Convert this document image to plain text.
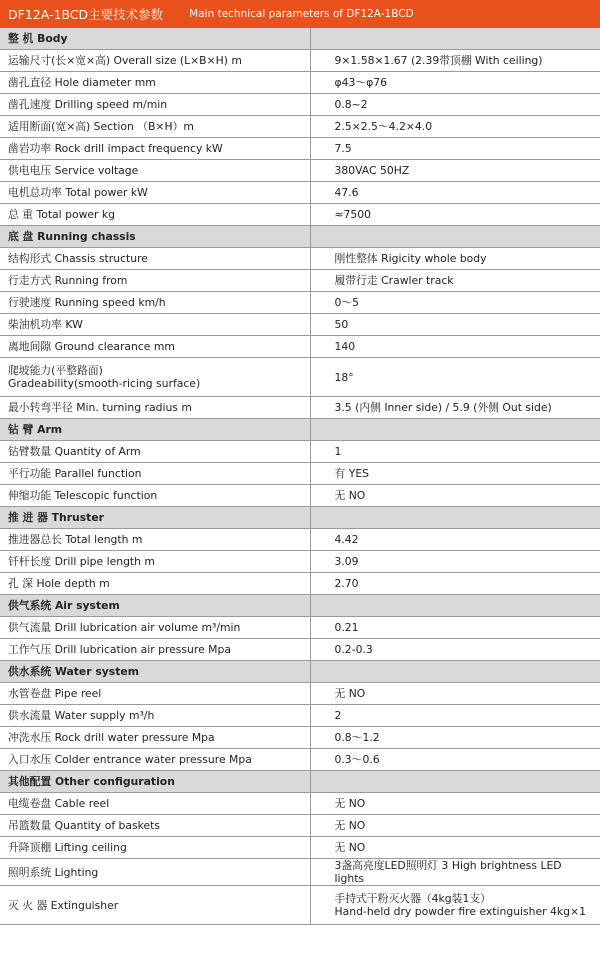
DF12A-1BCD主要技术参数 Main technical parameters of DF12A-1BCD
整 机 Body	
运输尺寸(长×宽×高) Overall size (L×B×H) m	9×1.58×1.67 (2.39带顶棚 With ceiling)
凿孔直径 Hole diameter mm	φ43～φ76
凿孔速度 Drilling speed m/min	0.8~2
适用断面(宽×高) Section （B×H）m	2.5×2.5～4.2×4.0
凿岩功率 Rock drill impact frequency kW	7.5
供电电压 Service voltage	380VAC 50HZ
电机总功率 Total power kW	47.6
总 重 Total power kg	≈7500
底 盘 Running chassis	
结构形式 Chassis structure	刚性整体 Rigicity whole body
行走方式 Running from	履带行走 Crawler track
行驶速度 Running speed km/h	0～5
柴油机功率 KW	50
离地间隙 Ground clearance mm	140
爬坡能力(平整路面)
Gradeability(smooth-ricing surface)	18°
最小转弯半径 Min. turning radius m	3.5 (内侧 Inner side) / 5.9 (外侧 Out side)
钻 臂 Arm	
钻臂数量 Quantity of Arm	1
平行功能 Parallel function	有 YES
伸缩功能 Telescopic function	无 NO
推 进 器 Thruster	
推进器总长 Total length m	4.42
钎杆长度 Drill pipe length m	3.09
孔 深 Hole depth m	2.70
供气系统 Air system	
供气流量 Drill lubrication air volume m³/min	0.21
工作气压 Drill lubrication air pressure Mpa	0.2-0.3
供水系统 Water system	
水管卷盘 Pipe reel	无 NO
供水流量 Water supply m³/h	2
冲洗水压 Rock drill water pressure Mpa	0.8～1.2
入口水压 Colder entrance water pressure Mpa	0.3～0.6
其他配置 Other configuration	
电缆卷盘 Cable reel	无 NO
吊篮数量 Quantity of baskets	无 NO
升降顶棚 Lifting ceiling	无 NO
照明系统 Lighting	3盏高亮度LED照明灯 3 High brightness LED lights
灭 火 器 Extinguisher	手持式干粉灭火器（4kg装1支）
Hand-held dry powder fire extinguisher 4kg×1
